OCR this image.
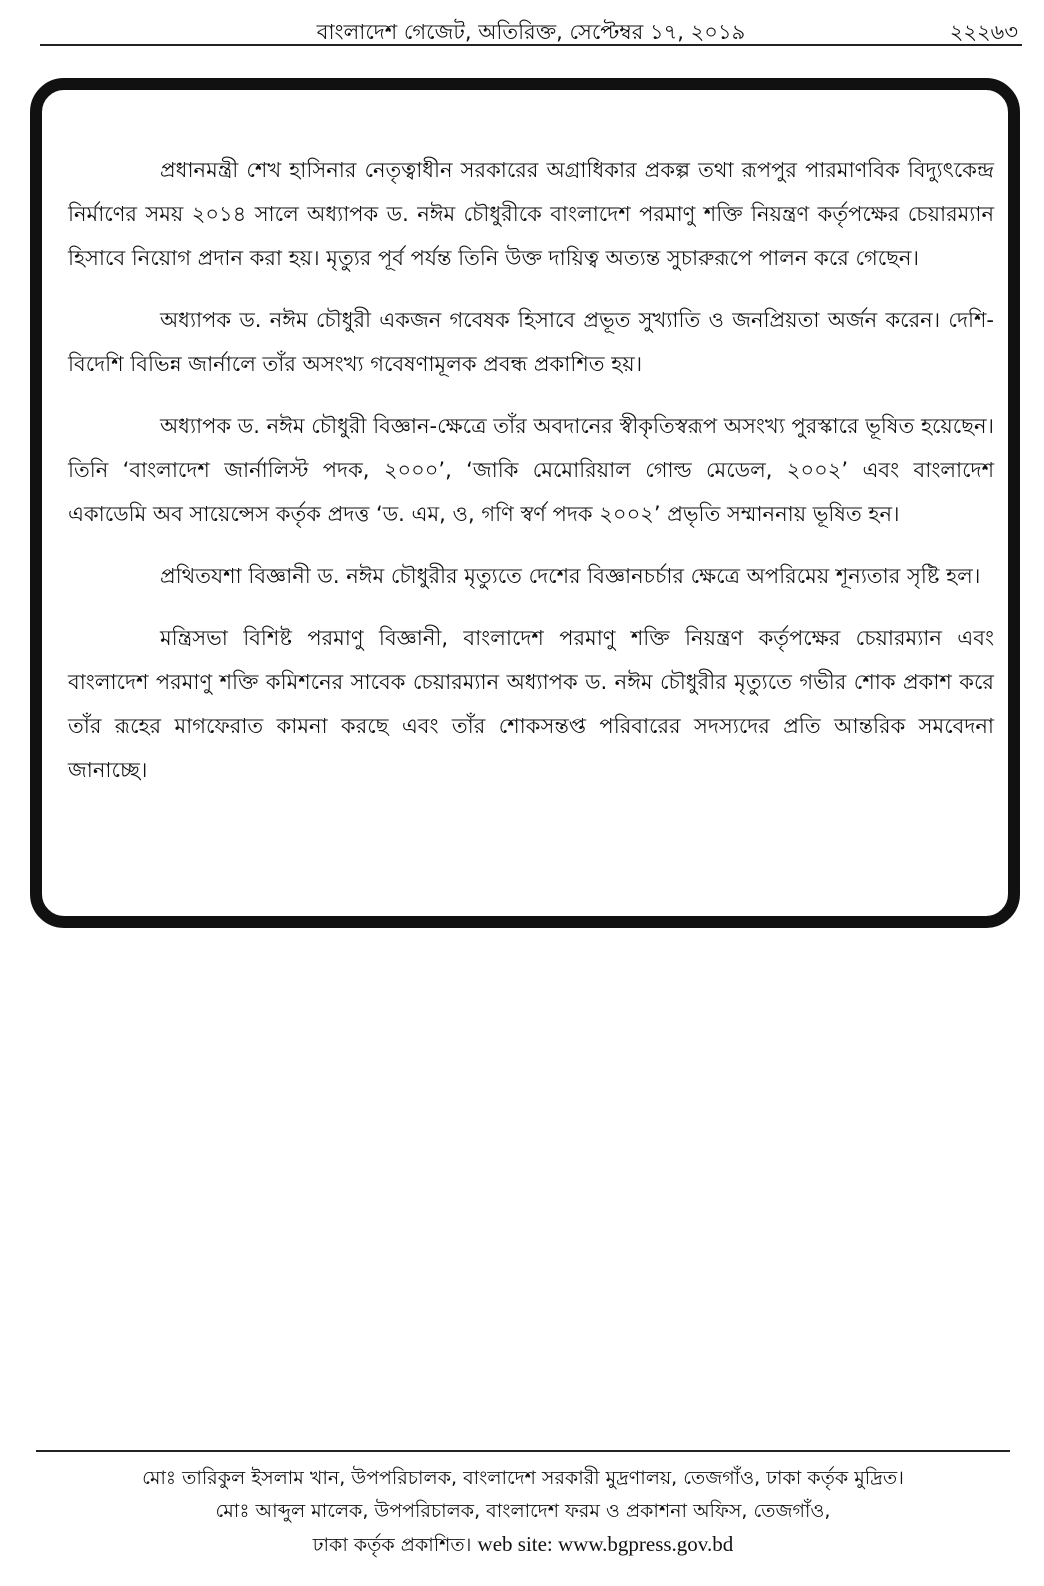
বাংলাদেশ গেজেট, অতিরিক্ত, সেপ্টেম্বর ১৭, ২০১৯	২২২৬৩

প্রধানমন্ত্রী শেখ হাসিনার নেতৃত্বাধীন সরকারের অগ্রাধিকার প্রকল্প তথা রূপপুর পারমাণবিক বিদ্যুৎকেন্দ্র নির্মাণের সময় ২০১৪ সালে অধ্যাপক ড. নঈম চৌধুরীকে বাংলাদেশ পরমাণু শক্তি নিয়ন্ত্রণ কর্তৃপক্ষের চেয়ারম্যান হিসাবে নিয়োগ প্রদান করা হয়। মৃত্যুর পূর্ব পর্যন্ত তিনি উক্ত দায়িত্ব অত্যন্ত সুচারুরূপে পালন করে গেছেন।

অধ্যাপক ড. নঈম চৌধুরী একজন গবেষক হিসাবে প্রভূত সুখ্যাতি ও জনপ্রিয়তা অর্জন করেন। দেশি-বিদেশি বিভিন্ন জার্নালে তাঁর অসংখ্য গবেষণামূলক প্রবন্ধ প্রকাশিত হয়।

অধ্যাপক ড. নঈম চৌধুরী বিজ্ঞান-ক্ষেত্রে তাঁর অবদানের স্বীকৃতিস্বরূপ অসংখ্য পুরস্কারে ভূষিত হয়েছেন। তিনি ‘বাংলাদেশ জার্নালিস্ট পদক, ২০০০’, ‘জাকি মেমোরিয়াল গোল্ড মেডেল, ২০০২’ এবং বাংলাদেশ একাডেমি অব সায়েন্সেস কর্তৃক প্রদত্ত ‘ড. এম, ও, গণি স্বর্ণ পদক ২০০২’ প্রভৃতি সম্মাননায় ভূষিত হন।

প্রথিতযশা বিজ্ঞানী ড. নঈম চৌধুরীর মৃত্যুতে দেশের বিজ্ঞানচর্চার ক্ষেত্রে অপরিমেয় শূন্যতার সৃষ্টি হল।

মন্ত্রিসভা বিশিষ্ট পরমাণু বিজ্ঞানী, বাংলাদেশ পরমাণু শক্তি নিয়ন্ত্রণ কর্তৃপক্ষের চেয়ারম্যান এবং বাংলাদেশ পরমাণু শক্তি কমিশনের সাবেক চেয়ারম্যান অধ্যাপক ড. নঈম চৌধুরীর মৃত্যুতে গভীর শোক প্রকাশ করে তাঁর রূহের মাগফেরাত কামনা করছে এবং তাঁর শোকসন্তপ্ত পরিবারের সদস্যদের প্রতি আন্তরিক সমবেদনা জানাচ্ছে।

মোঃ তারিকুল ইসলাম খান, উপপরিচালক, বাংলাদেশ সরকারী মুদ্রণালয়, তেজগাঁও, ঢাকা কর্তৃক মুদ্রিত।
মোঃ আব্দুল মালেক, উপপরিচালক, বাংলাদেশ ফরম ও প্রকাশনা অফিস, তেজগাঁও,
ঢাকা কর্তৃক প্রকাশিত। web site: www.bgpress.gov.bd
